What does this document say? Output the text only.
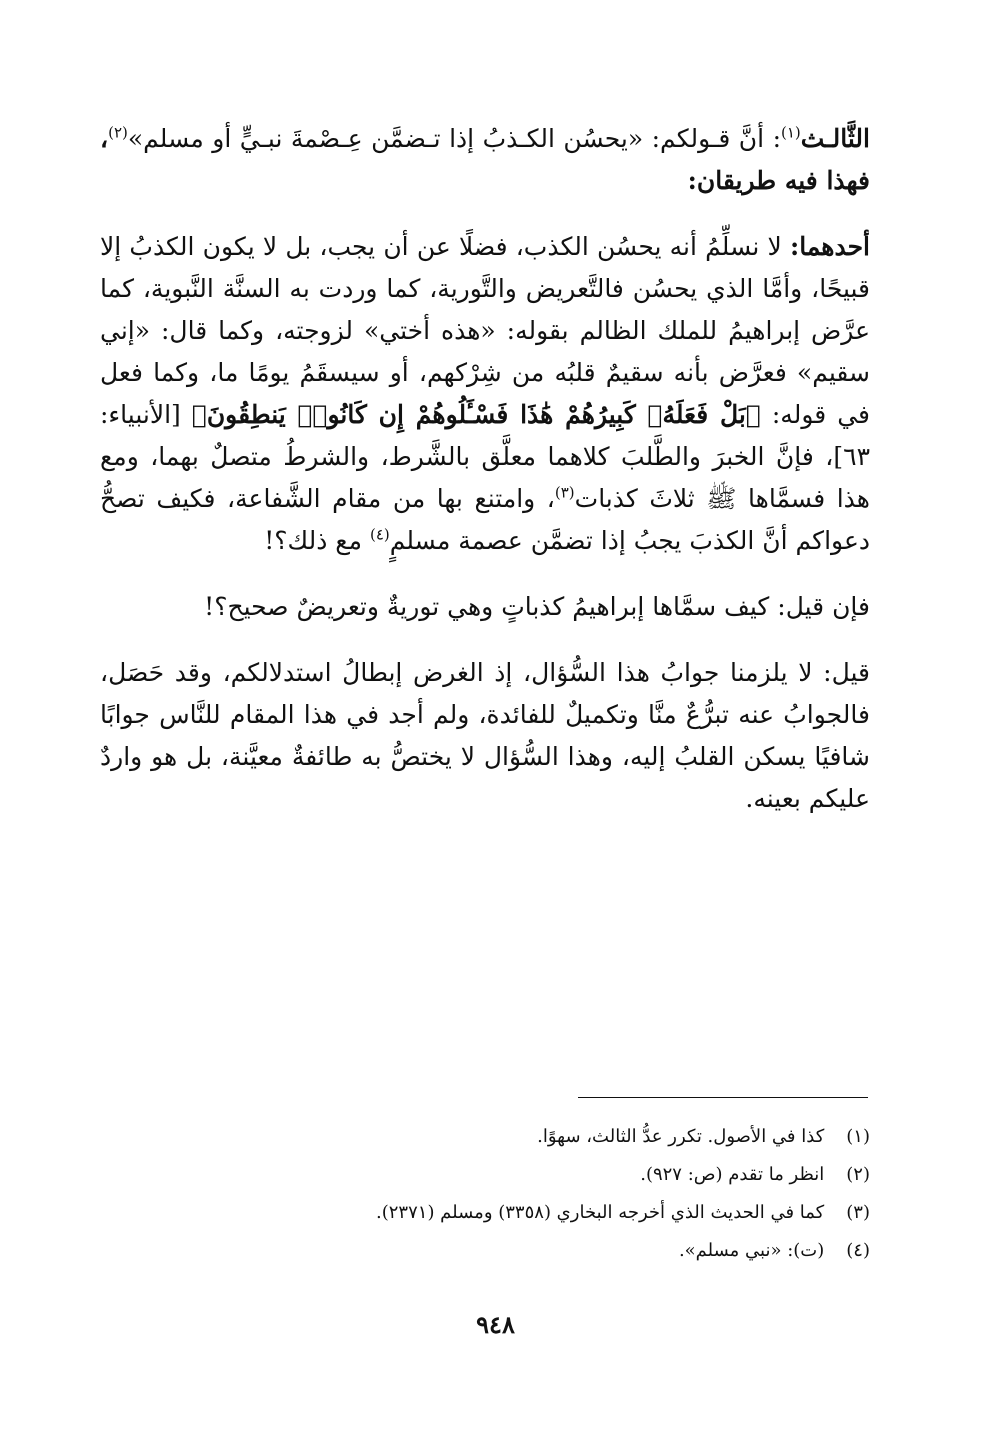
الثَّالـث$^{(١)}$: أنَّ قـولكم: «يحسُن الكـذبُ إذا تـضمَّن عِـصْمةَ نبـيٍّ أو مسلم»$^{(٢)}$، فهذا فيه طريقان:

أحدهما: لا نسلِّمُ أنه يحسُن الكذب، فضلًا عن أن يجب، بل لا يكون الكذبُ إلا قبيحًا، وأمَّا الذي يحسُن فالتَّعريض والتَّورية، كما وردت به السنَّة النَّبوية، كما عرَّض إبراهيمُ للملك الظالم بقوله: «هذه أختي» لزوجته، وكما قال: «إني سقيم» فعرَّض بأنه سقيمٌ قلبُه من شِرْكهم، أو سيسقَمُ يومًا ما، وكما فعل في قوله: ﴿بَلْ فَعَلَهُۥ كَبِيرُهُمْ هَٰذَا فَسْـَٔلُوهُمْ إِن كَانُوا۟ يَنطِقُونَ﴾ [الأنبياء: ٦٣]، فإنَّ الخبرَ والطَّلبَ كلاهما معلَّق بالشَّرط، والشرطُ متصلٌ بهما، ومع هذا فسمَّاها ﷺ ثلاثَ كذبات$^{(٣)}$، وامتنع بها من مقام الشَّفاعة، فكيف تصحُّ دعواكم أنَّ الكذبَ يجبُ إذا تضمَّن عصمة مسلمٍ$^{(٤)}$ مع ذلك؟!

فإن قيل: كيف سمَّاها إبراهيمُ كذباتٍ وهي توريةٌ وتعريضٌ صحيح؟!

قيل: لا يلزمنا جوابُ هذا السُّؤال، إذ الغرض إبطالُ استدلالكم، وقد حَصَل، فالجوابُ عنه تبرُّعٌ منَّا وتكميلٌ للفائدة، ولم أجد في هذا المقام للنَّاس جوابًا شافيًا يسكن القلبُ إليه، وهذا السُّؤال لا يختصُّ به طائفةٌ معيَّنة، بل هو واردٌ عليكم بعينه.

(١) كذا في الأصول. تكرر عدُّ الثالث، سهوًا.
(٢) انظر ما تقدم (ص: ٩٢٧).
(٣) كما في الحديث الذي أخرجه البخاري (٣٣٥٨) ومسلم (٢٣٧١).
(٤) (ت): «نبي مسلم».
٩٤٨
